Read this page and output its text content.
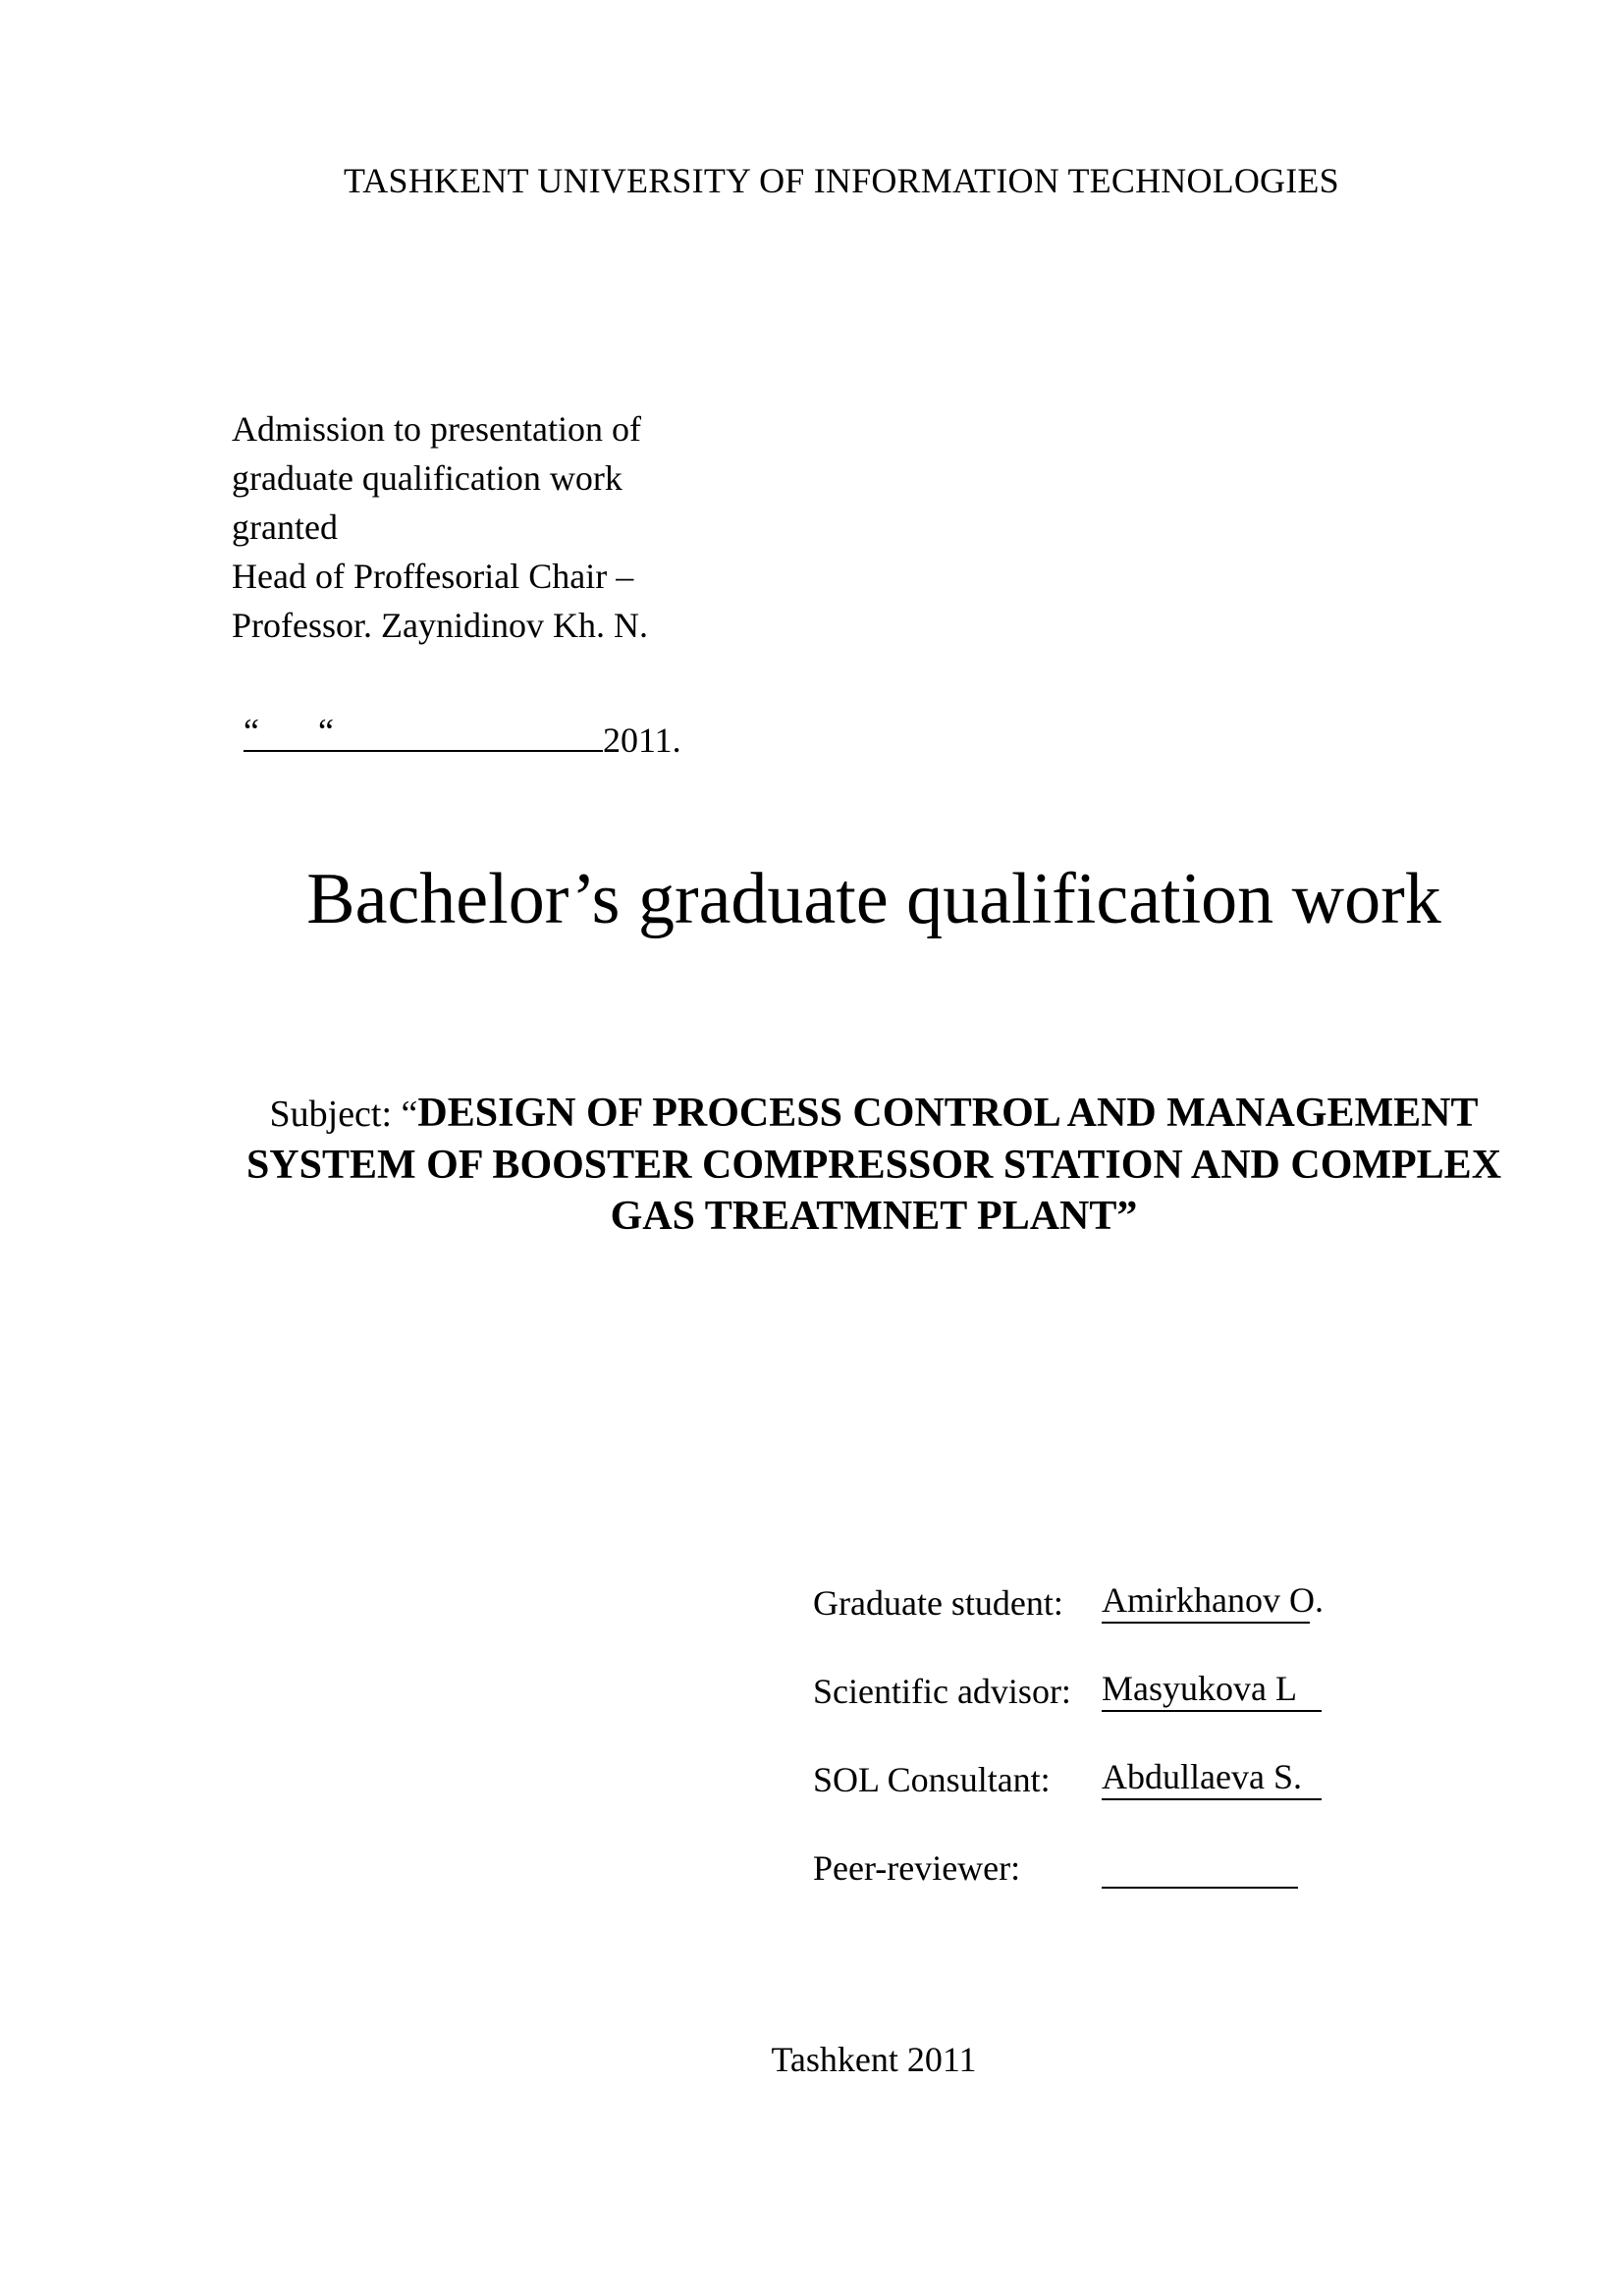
TASHKENT UNIVERSITY OF INFORMATION TECHNOLOGIES
Admission to presentation of
graduate qualification work
granted
Head of Proffesorial Chair –
Professor. Zaynidinov Kh. N.
“ “	2011.
Bachelor’s graduate qualification work
Subject: “DESIGN OF PROCESS CONTROL AND MANAGEMENT SYSTEM OF BOOSTER COMPRESSOR STATION AND COMPLEX GAS TREATMNET PLANT”
Graduate student: Amirkhanov O.
Scientific advisor: Masyukova L
SOL Consultant: Abdullaeva S.
Peer-reviewer:
Tashkent 2011
